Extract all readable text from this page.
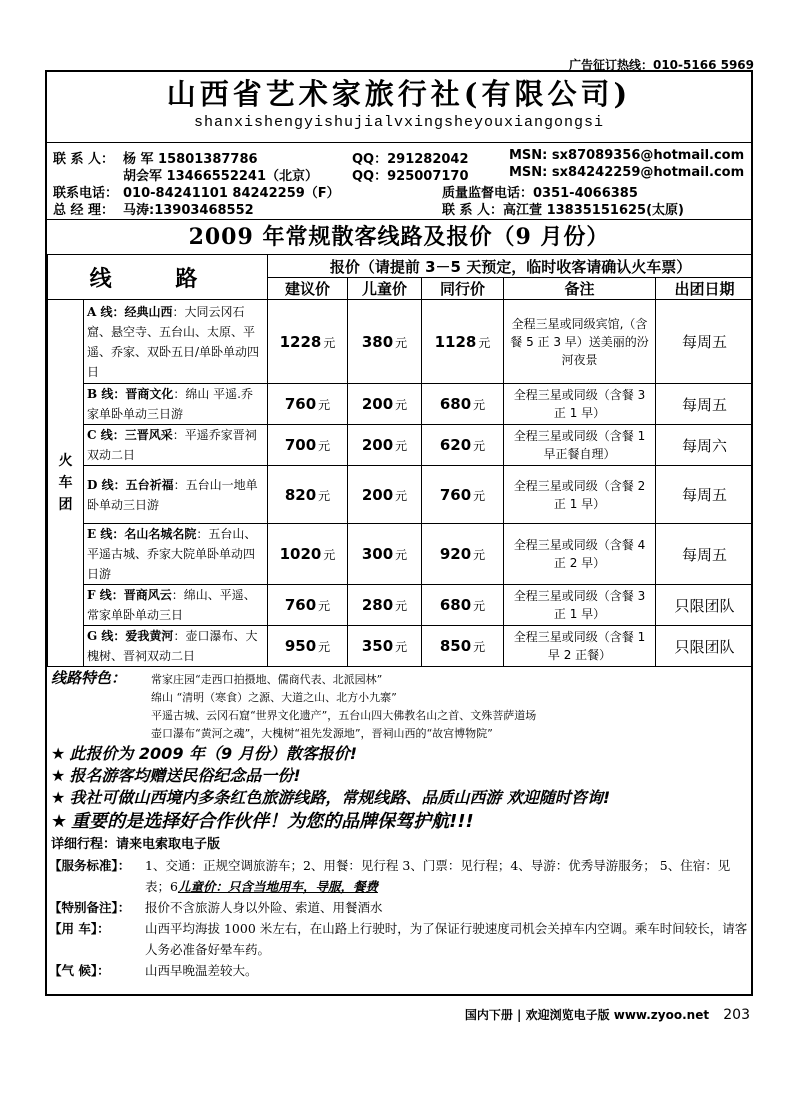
广告征订热线：010-5166 5969
山西省艺术家旅行社(有限公司)
shanxishengyishujialvxingsheyouxiangongsi
联 系 人： 杨 军 15801387786
胡会军 13466552241（北京）
QQ：291282042
QQ：925007170
MSN: sx87089356@hotmail.com
MSN: sx84242259@hotmail.com
联系电话： 010-84241101 84242259（F）	质量监督电话：0351-4066385
总 经 理： 马涛:13903468552	联 系 人：高江萱 13835151625(太原)
2009 年常规散客线路及报价（9 月份）
线 路		报价（请提前 3－5 天预定，临时收客请确认火车票）				
		建议价	儿童价	同行价	备注	出团日期
火
车
团	A 线：经典山西：大同云冈石窟、悬空寺、五台山、太原、平遥、乔家、双卧五日/单卧单动四日	1228 元	380 元	1128 元	全程三星或同级宾馆,（含餐 5 正 3 早）送美丽的汾河夜景	每周五
	B 线：晋商文化：绵山 平遥.乔家单卧单动三日游	760 元	200 元	680 元	全程三星或同级（含餐 3 正 1 早）	每周五
	C 线：三晋风采：平遥乔家晋祠双动二日	700 元	200 元	620 元	全程三星或同级（含餐 1 早正餐自理）	每周六
	D 线：五台祈福：五台山一地单卧单动三日游	820 元	200 元	760 元	全程三星或同级（含餐 2 正 1 早）	每周五
	E 线：名山名城名院：五台山、平遥古城、乔家大院单卧单动四日游	1020 元	300 元	920 元	全程三星或同级（含餐 4 正 2 早）	每周五
	F 线：晋商风云：绵山、平遥、常家单卧单动三日	760 元	280 元	680 元	全程三星或同级（含餐 3 正 1 早）	只限团队
	G 线：爱我黄河：壶口瀑布、大槐树、晋祠双动二日	950 元	350 元	850 元	全程三星或同级（含餐 1 早 2 正餐）	只限团队
线路特色： 常家庄园“走西口拍摄地、儒商代表、北派园林”
绵山 “清明（寒食）之源、大道之山、北方小九寨”
平遥古城、云冈石窟“世界文化遗产”，五台山四大佛教名山之首、文殊菩萨道场
壶口瀑布“黄河之魂”，大槐树“祖先发源地”，晋祠山西的“故宫博物院”
★ 此报价为 2009 年（9 月份）散客报价!
★ 报名游客均赠送民俗纪念品一份!
★ 我社可做山西境内多条红色旅游线路，常规线路、品质山西游 欢迎随时咨询!
★ 重要的是选择好合作伙伴！为您的品牌保驾护航!!!
详细行程：请来电索取电子版
【服务标准】：	1、交通：正规空调旅游车；2、用餐：见行程 3、门票：见行程；4、导游：优秀导游服务； 5、住宿：见表；6儿童价：只含当地用车，导服，餐费
【特别备注】：	报价不含旅游人身以外险、索道、用餐酒水
【用 车】：	山西平均海拔 1000 米左右，在山路上行驶时，为了保证行驶速度司机会关掉车内空调。乘车时间较长，请客人务必准备好晕车药。
【气 候】：	山西早晚温差较大。
国内下册 | 欢迎浏览电子版 www.zyoo.net 203
